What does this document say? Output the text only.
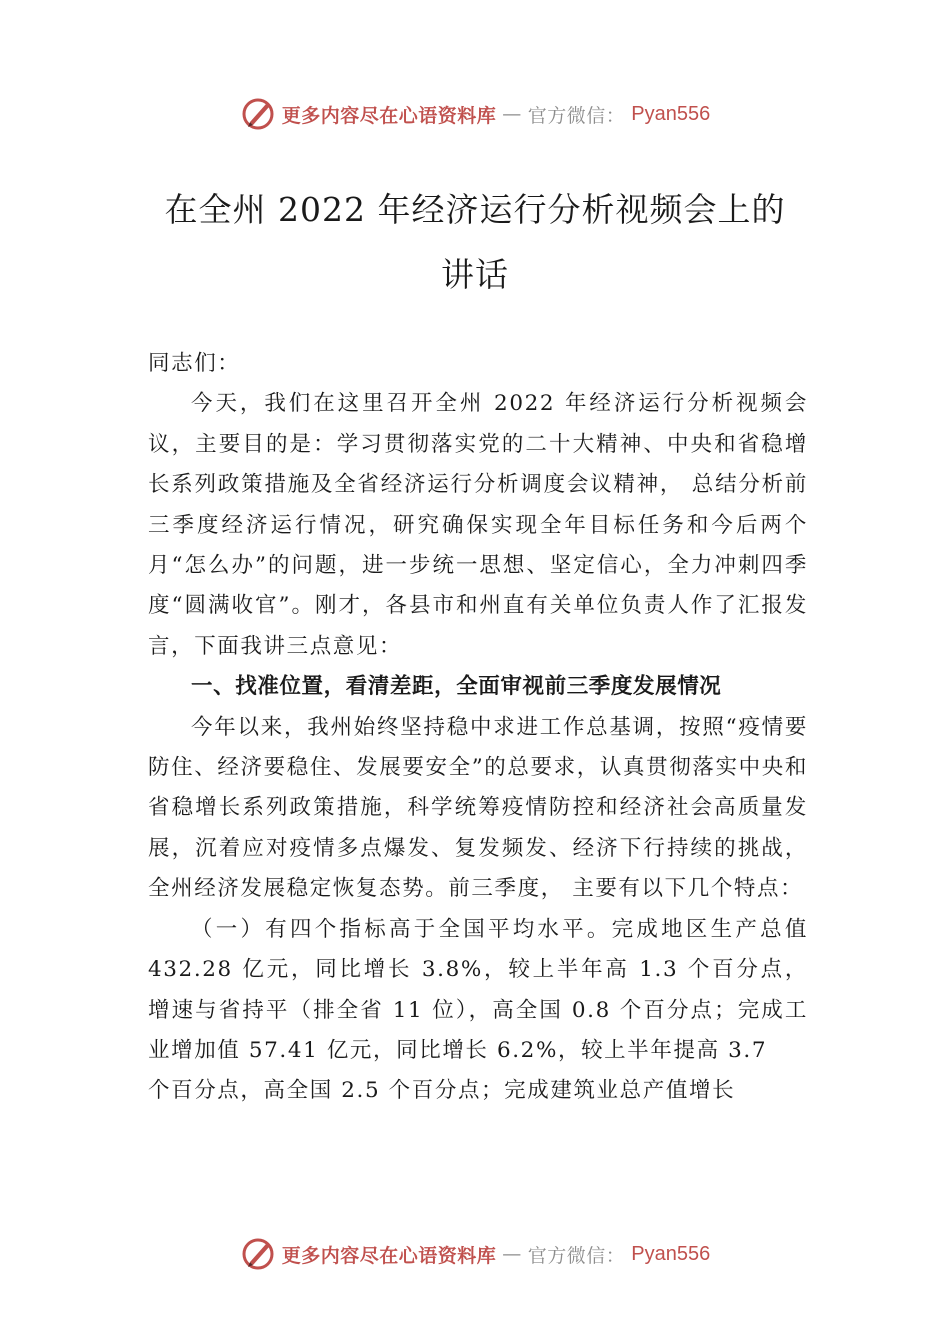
更多内容尽在心语资料库 — 官方微信： Pyan556
在全州 2022 年经济运行分析视频会上的
讲话

同志们：

今天，我们在这里召开全州 2022 年经济运行分析视频会议，主要目的是：学习贯彻落实党的二十大精神、中央和省稳增长系列政策措施及全省经济运行分析调度会议精神， 总结分析前三季度经济运行情况，研究确保实现全年目标任务和今后两个月“怎么办”的问题，进一步统一思想、坚定信心，全力冲刺四季度“圆满收官”。刚才，各县市和州直有关单位负责人作了汇报发言，下面我讲三点意见：

一、找准位置，看清差距，全面审视前三季度发展情况

今年以来，我州始终坚持稳中求进工作总基调，按照“疫情要防住、经济要稳住、发展要安全”的总要求，认真贯彻落实中央和省稳增长系列政策措施，科学统筹疫情防控和经济社会高质量发展，沉着应对疫情多点爆发、复发频发、经济下行持续的挑战，全州经济发展稳定恢复态势。前三季度， 主要有以下几个特点：

（一）有四个指标高于全国平均水平。完成地区生产总值 432.28 亿元，同比增长 3.8%，较上半年高 1.3 个百分点， 增速与省持平（排全省 11 位），高全国 0.8 个百分点；完成工业增加值 57.41 亿元，同比增长 6.2%，较上半年提高 3.7

个百分点，高全国 2.5 个百分点；完成建筑业总产值增长

更多内容尽在心语资料库 — 官方微信： Pyan556
